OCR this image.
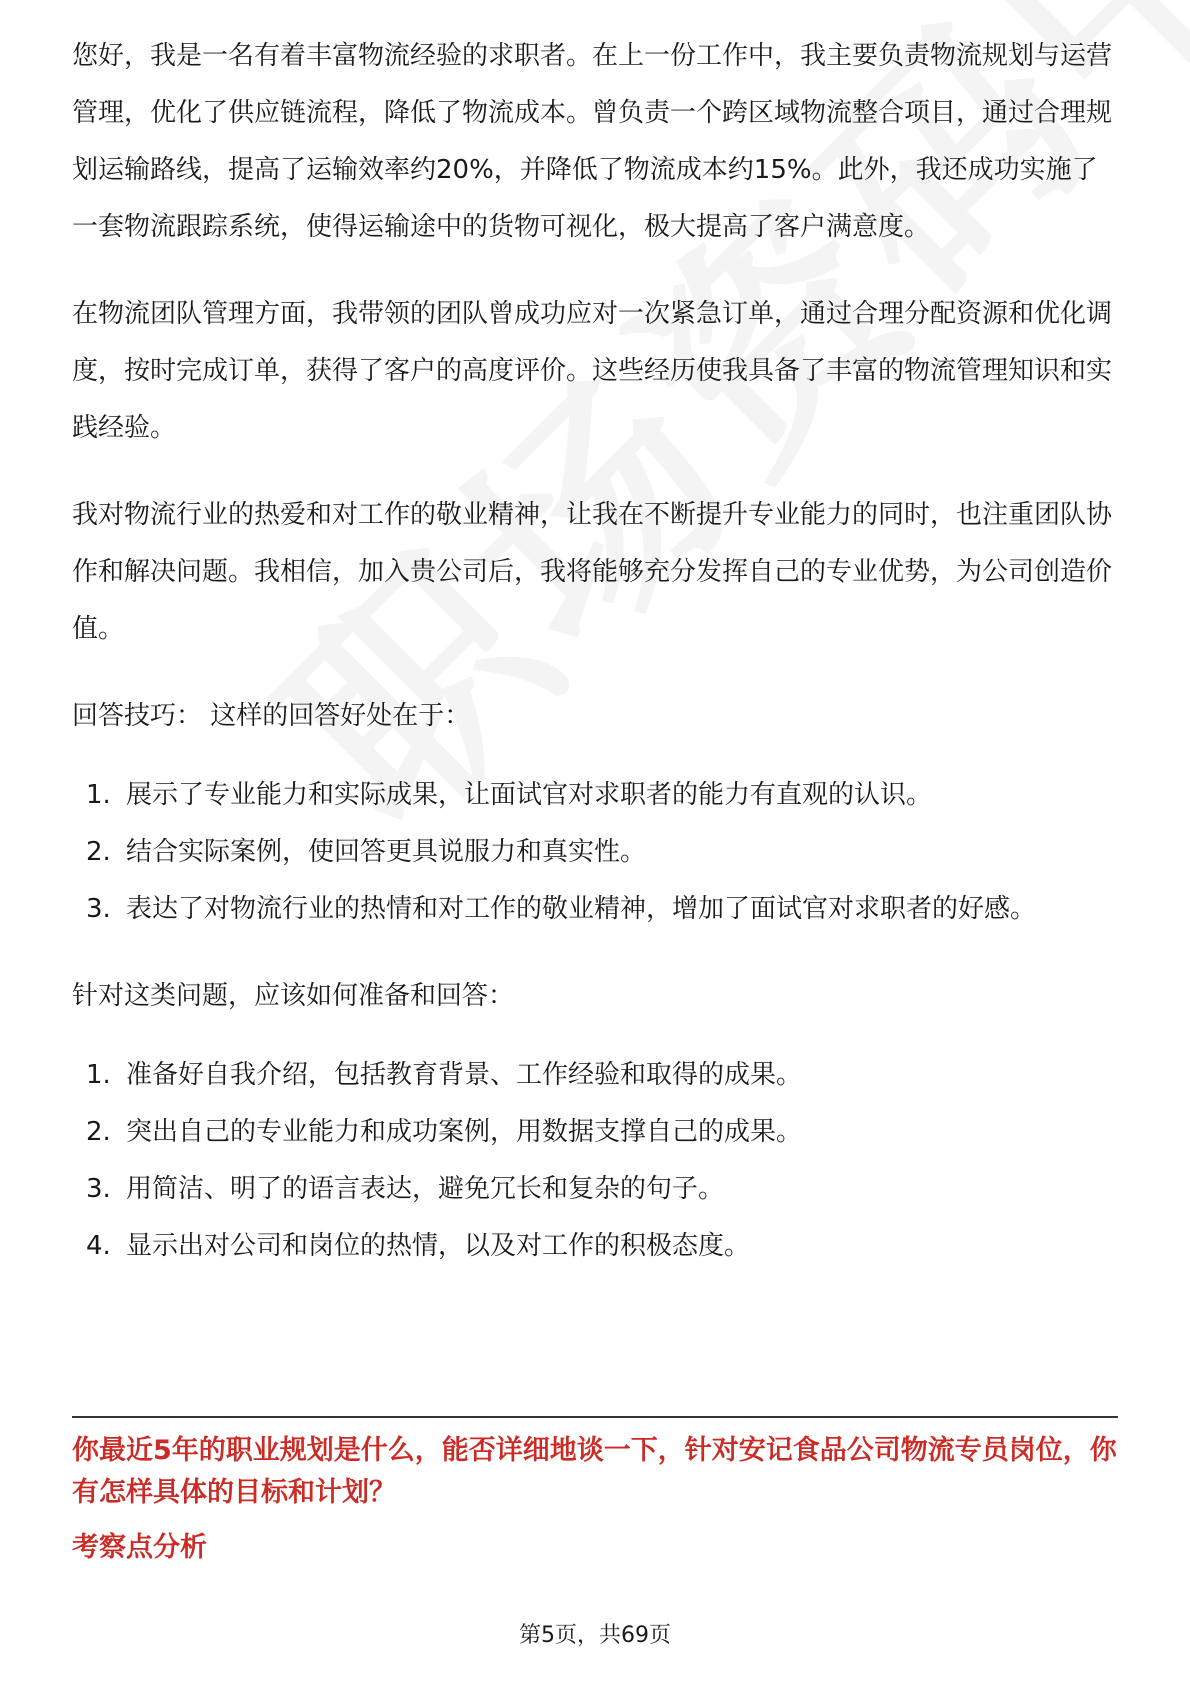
您好，我是一名有着丰富物流经验的求职者。在上一份工作中，我主要负责物流规划与运营管理，优化了供应链流程，降低了物流成本。曾负责一个跨区域物流整合项目，通过合理规划运输路线，提高了运输效率约20%，并降低了物流成本约15%。此外，我还成功实施了一套物流跟踪系统，使得运输途中的货物可视化，极大提高了客户满意度。

在物流团队管理方面，我带领的团队曾成功应对一次紧急订单，通过合理分配资源和优化调度，按时完成订单，获得了客户的高度评价。这些经历使我具备了丰富的物流管理知识和实践经验。

我对物流行业的热爱和对工作的敬业精神，让我在不断提升专业能力的同时，也注重团队协作和解决问题。我相信，加入贵公司后，我将能够充分发挥自己的专业优势，为公司创造价值。

回答技巧： 这样的回答好处在于：

1. 展示了专业能力和实际成果，让面试官对求职者的能力有直观的认识。
2. 结合实际案例，使回答更具说服力和真实性。
3. 表达了对物流行业的热情和对工作的敬业精神，增加了面试官对求职者的好感。

针对这类问题，应该如何准备和回答：

1. 准备好自我介绍，包括教育背景、工作经验和取得的成果。
2. 突出自己的专业能力和成功案例，用数据支撑自己的成果。
3. 用简洁、明了的语言表达，避免冗长和复杂的句子。
4. 显示出对公司和岗位的热情，以及对工作的积极态度。

你最近5年的职业规划是什么，能否详细地谈一下，针对安记食品公司物流专员岗位，你有怎样具体的目标和计划？

考察点分析

第5页，共69页
